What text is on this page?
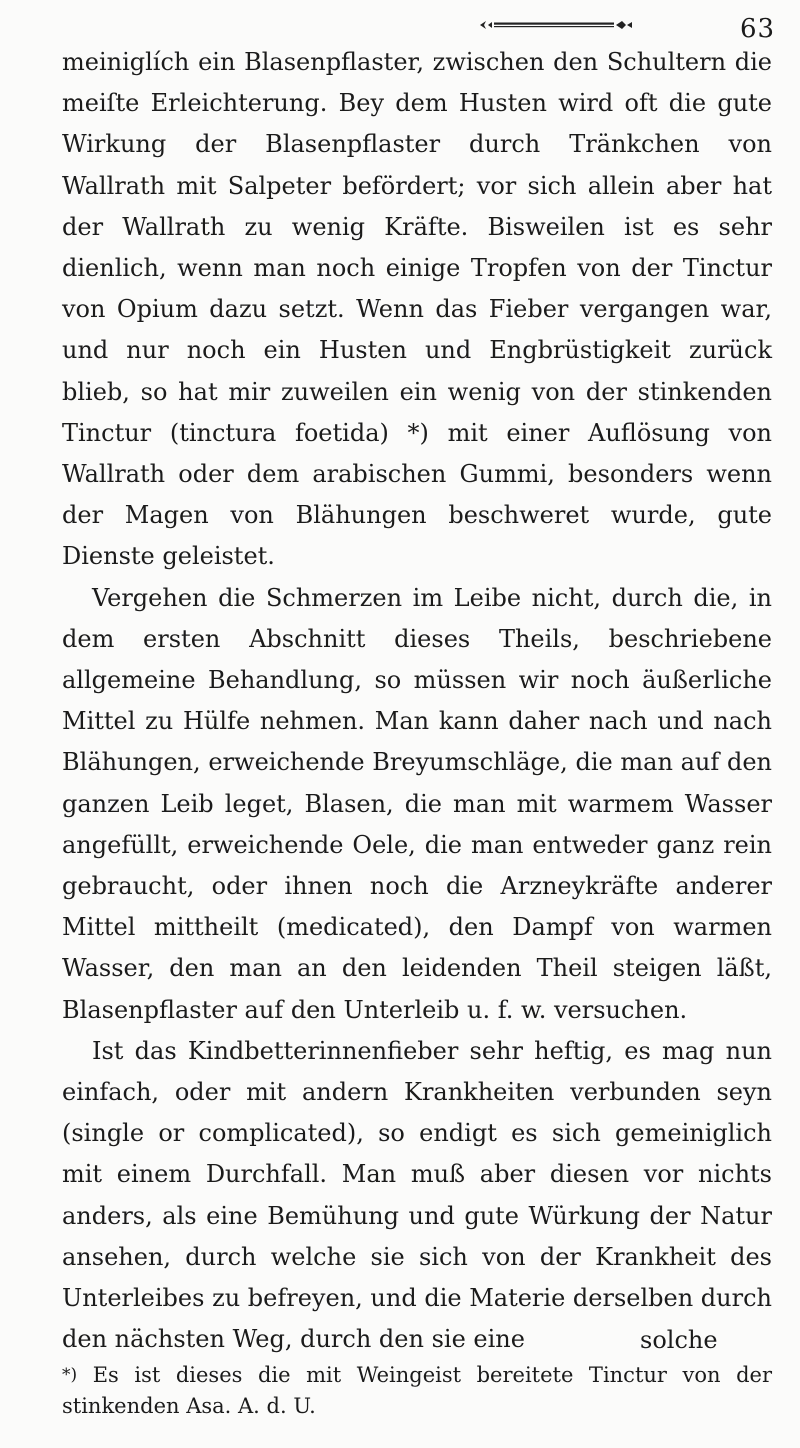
63

meiniglích ein Blasenpflaster, zwischen den Schultern die meiſte Erleichterung. Bey dem Husten wird oft die gute Wirkung der Blasenpflaster durch Tränkchen von Wallrath mit Salpeter befördert; vor sich allein aber hat der Wallrath zu wenig Kräfte. Bisweilen ist es sehr dienlich, wenn man noch einige Tropfen von der Tinctur von Opium dazu setzt. Wenn das Fieber vergangen war, und nur noch ein Husten und Engbrüstigkeit zurück blieb, so hat mir zuweilen ein wenig von der stinkenden Tinctur (tinctura foetida) *) mit einer Auflösung von Wallrath oder dem arabischen Gummi, besonders wenn der Magen von Blähungen beschweret wurde, gute Dienste geleistet.

Vergehen die Schmerzen im Leibe nicht, durch die, in dem ersten Abschnitt dieses Theils, beschriebene allgemeine Behandlung, so müssen wir noch äußerliche Mittel zu Hülfe nehmen. Man kann daher nach und nach Blähungen, erweichende Breyumschläge, die man auf den ganzen Leib leget, Blasen, die man mit warmem Wasser angefüllt, erweichende Oele, die man entweder ganz rein gebraucht, oder ihnen noch die Arzneykräfte anderer Mittel mittheilt (medicated), den Dampf von warmen Wasser, den man an den leidenden Theil steigen läßt, Blasenpflaster auf den Unterleib u. f. w. versuchen.

Ist das Kindbetterinnenfieber sehr heftig, es mag nun einfach, oder mit andern Krankheiten verbunden seyn (single or complicated), so endigt es sich gemeiniglich mit einem Durchfall. Man muß aber diesen vor nichts anders, als eine Bemühung und gute Würkung der Natur ansehen, durch welche sie sich von der Krankheit des Unterleibes zu befreyen, und die Materie derselben durch den nächsten Weg, durch den sie eine	solche
*) Es ist dieses die mit Weingeist bereitete Tinctur von der stinkenden Asa. A. d. U.
